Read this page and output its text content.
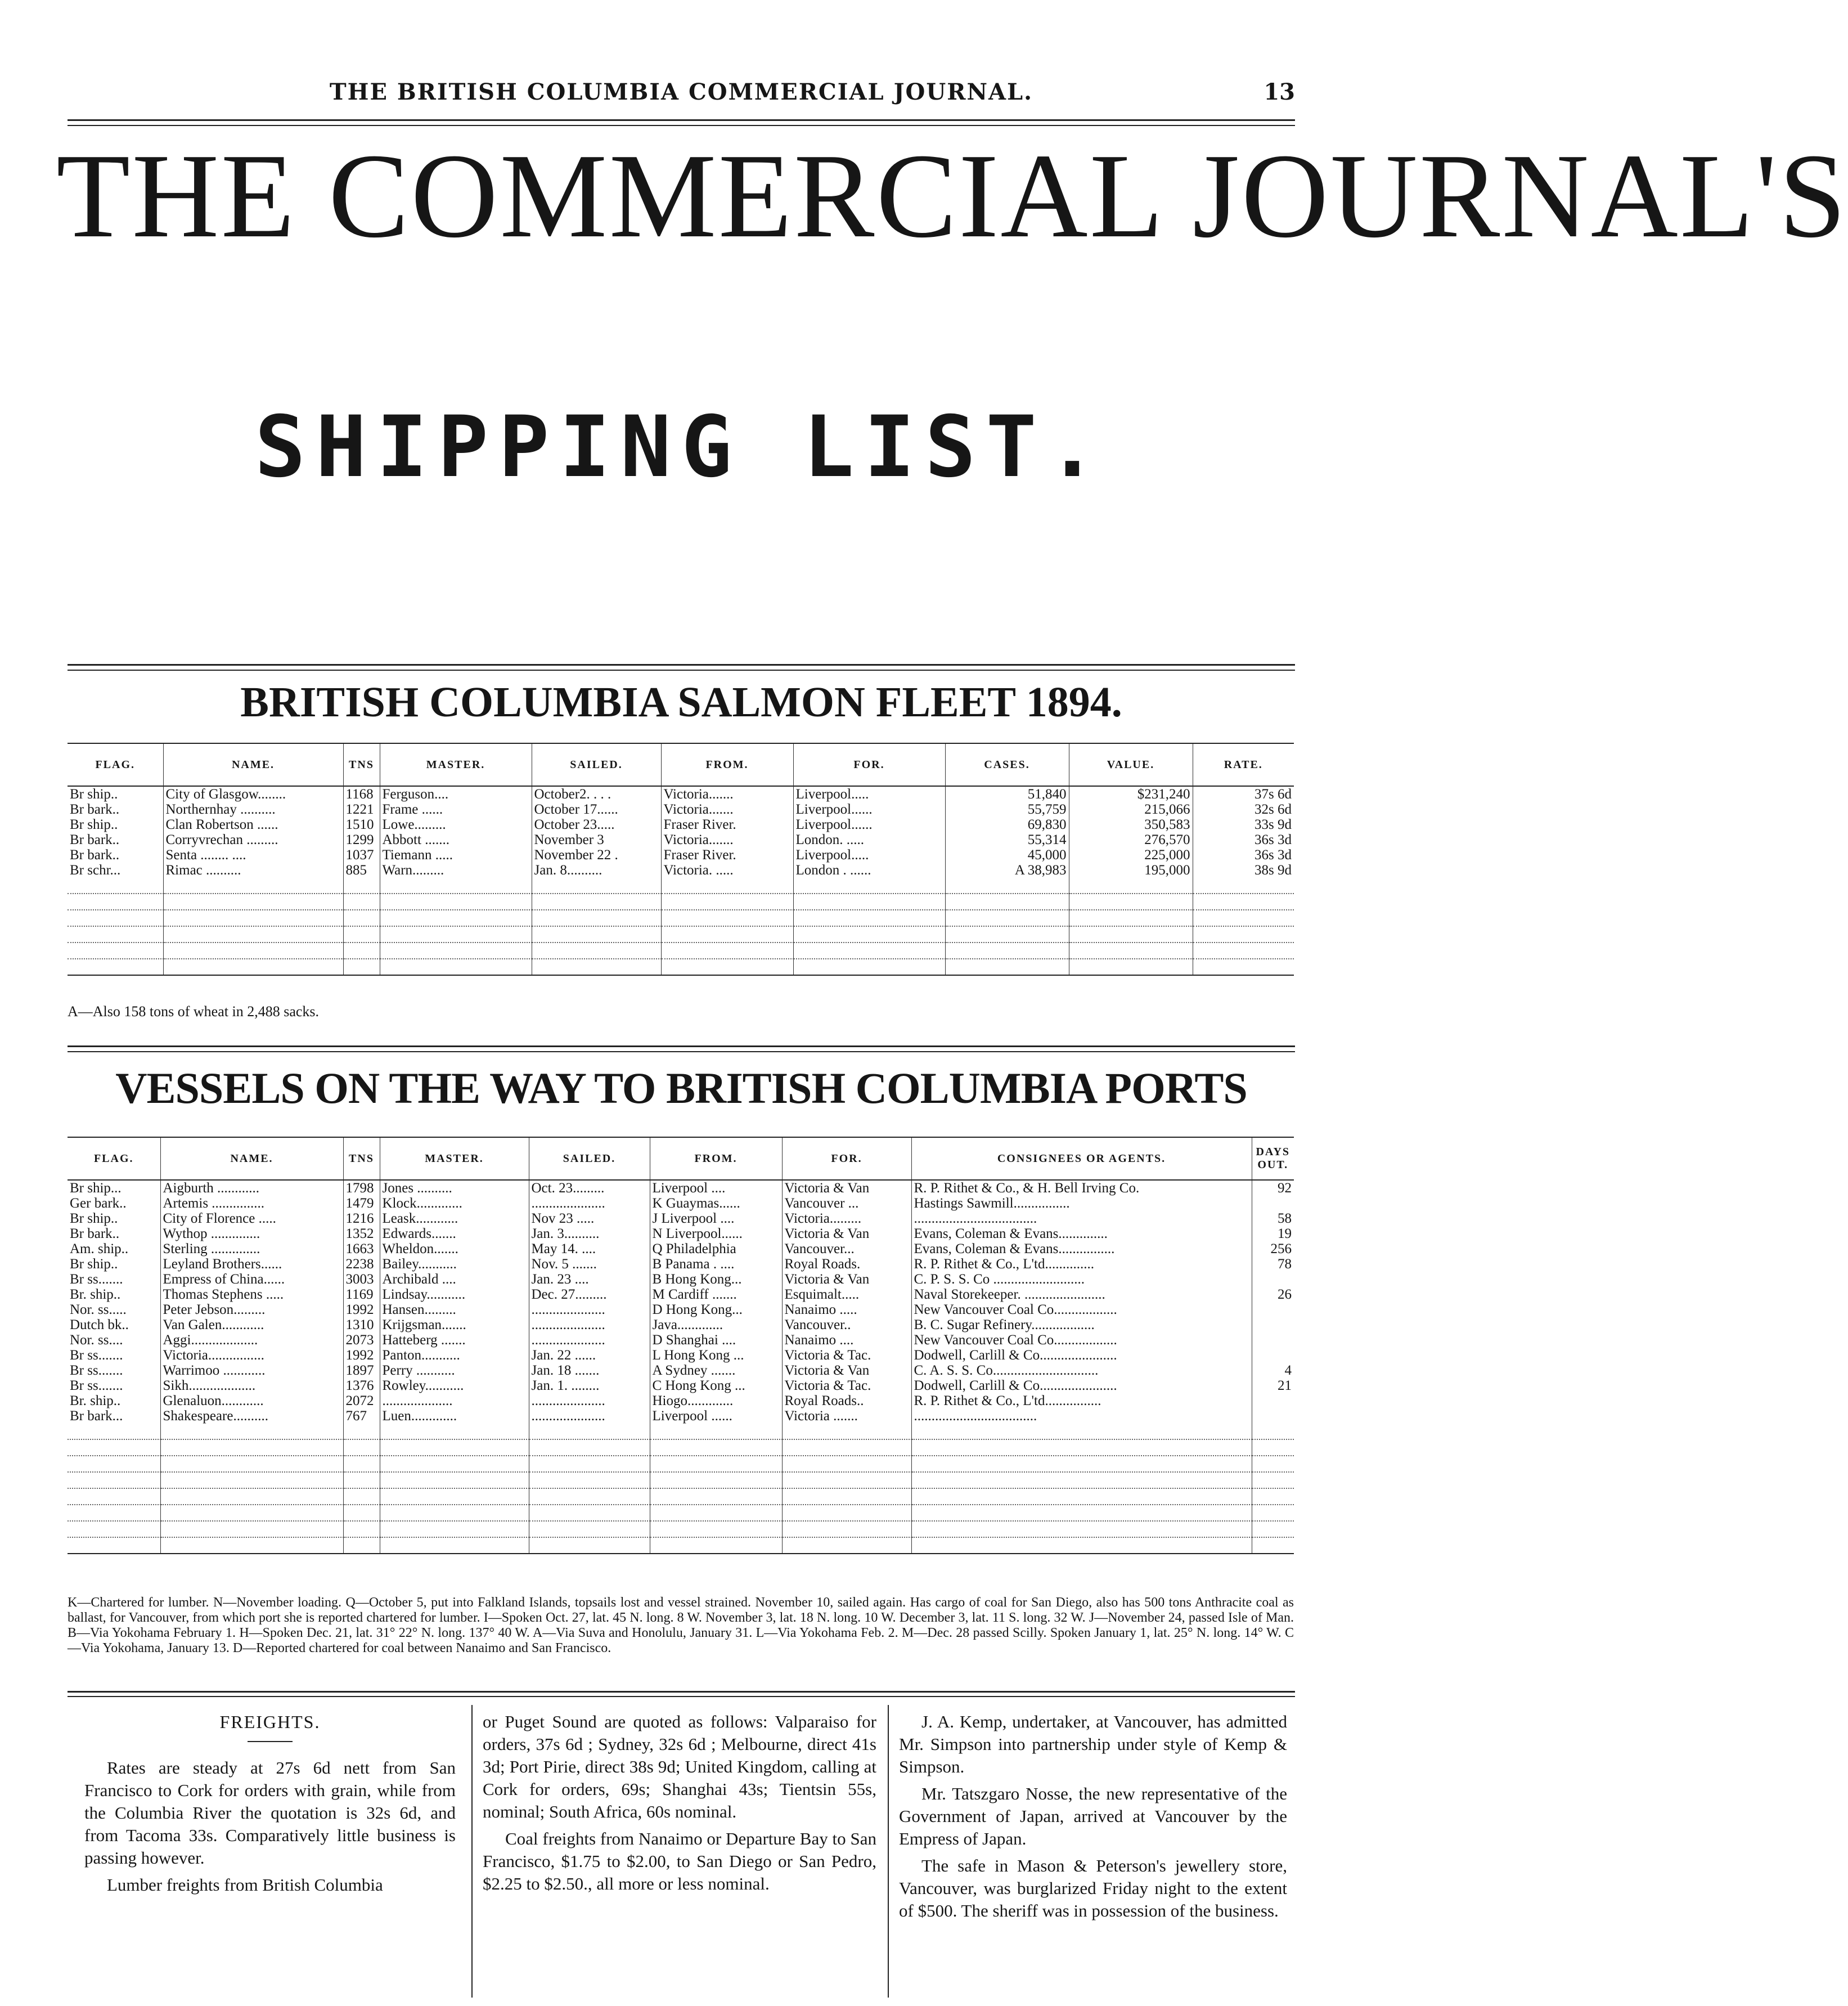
THE BRITISH COLUMBIA COMMERCIAL JOURNAL.	13
THE COMMERCIAL JOURNAL'S
SHIPPING LIST.
BRITISH COLUMBIA SALMON FLEET 1894.
FLAG.	NAME.	TNS	MASTER.	SAILED.	FROM.	FOR.	CASES.	VALUE.	RATE.
Br ship..	City of Glasgow........	1168	Ferguson....	October2. . . .	Victoria.......	Liverpool.....	51,840	$231,240	37s 6d
Br bark..	Northernhay ..........	1221	Frame ......	October 17......	Victoria.......	Liverpool......	55,759	215,066	32s 6d
Br ship..	Clan Robertson ......	1510	Lowe.........	October 23.....	Fraser River.	Liverpool......	69,830	350,583	33s 9d
Br bark..	Corryvrechan .........	1299	Abbott .......	November 3	Victoria.......	London. .....	55,314	276,570	36s 3d
Br bark..	Senta ........ ....	1037	Tiemann .....	November 22 .	Fraser River.	Liverpool.....	45,000	225,000	36s 3d
Br schr...	Rimac ..........	885	Warn.........	Jan. 8..........	Victoria. .....	London . ......	A 38,983	195,000	38s 9d

A—Also 158 tons of wheat in 2,488 sacks.
VESSELS ON THE WAY TO BRITISH COLUMBIA PORTS
FLAG.	NAME.	TNS	MASTER.	SAILED.	FROM.	FOR.	CONSIGNEES OR AGENTS.	DAYS OUT.
Br ship...	Aigburth ............	1798	Jones ..........	Oct. 23.........	Liverpool ....	Victoria & Van	R. P. Rithet & Co., & H. Bell Irving Co.	92
Ger bark..	Artemis ...............	1479	Klock.............	.....................	K Guaymas......	Vancouver ...	Hastings Sawmill................	
Br ship..	City of Florence .....	1216	Leask............	Nov 23 .....	J Liverpool ....	Victoria.........	...................................	58
Br bark..	Wythop ..............	1352	Edwards.......	Jan. 3..........	N Liverpool......	Victoria & Van	Evans, Coleman & Evans..............	19
Am. ship..	Sterling ..............	1663	Wheldon.......	May 14. ....	Q Philadelphia	Vancouver...	Evans, Coleman & Evans................	256
Br ship..	Leyland Brothers......	2238	Bailey...........	Nov. 5 .......	B Panama . ....	Royal Roads.	R. P. Rithet & Co., L'td..............	78
Br ss.......	Empress of China......	3003	Archibald ....	Jan. 23 ....	B Hong Kong...	Victoria & Van	C. P. S. S. Co ..........................	
Br. ship..	Thomas Stephens .....	1169	Lindsay...........	Dec. 27.........	M Cardiff .......	Esquimalt.....	Naval Storekeeper. .......................	26
Nor. ss.....	Peter Jebson.........	1992	Hansen.........	.....................	D Hong Kong...	Nanaimo .....	New Vancouver Coal Co..................	
Dutch bk..	Van Galen............	1310	Krijgsman.......	.....................	Java.............	Vancouver..	B. C. Sugar Refinery..................	
Nor. ss....	Aggi...................	2073	Hatteberg .......	.....................	D Shanghai ....	Nanaimo ....	New Vancouver Coal Co..................	
Br ss.......	Victoria................	1992	Panton...........	Jan. 22 ......	L Hong Kong ...	Victoria & Tac.	Dodwell, Carlill & Co......................	
Br ss.......	Warrimoo ............	1897	Perry ...........	Jan. 18 .......	A Sydney .......	Victoria & Van	C. A. S. S. Co..............................	4
Br ss.......	Sikh...................	1376	Rowley...........	Jan. 1. ........	C Hong Kong ...	Victoria & Tac.	Dodwell, Carlill & Co......................	21
Br. ship..	Glenaluon............	2072	....................	.....................	Hiogo.............	Royal Roads..	R. P. Rithet & Co., L'td................	
Br bark...	Shakespeare..........	767	Luen.............	.....................	Liverpool ......	Victoria .......	...................................	

K—Chartered for lumber. N—November loading. Q—October 5, put into Falkland Islands, topsails lost and vessel strained. November 10, sailed again. Has cargo of coal for San Diego, also has 500 tons Anthracite coal as ballast, for Vancouver, from which port she is reported chartered for lumber. I—Spoken Oct. 27, lat. 45 N. long. 8 W. November 3, lat. 18 N. long. 10 W. December 3, lat. 11 S. long. 32 W. J—November 24, passed Isle of Man. B—Via Yokohama February 1. H—Spoken Dec. 21, lat. 31° 22° N. long. 137° 40 W. A—Via Suva and Honolulu, January 31. L—Via Yokohama Feb. 2. M—Dec. 28 passed Scilly. Spoken January 1, lat. 25° N. long. 14° W. C—Via Yokohama, January 13. D—Reported chartered for coal between Nanaimo and San Francisco.
FREIGHTS.

Rates are steady at 27s 6d nett from San Francisco to Cork for orders with grain, while from the Columbia River the quotation is 32s 6d, and from Tacoma 33s. Comparatively little business is passing however.

Lumber freights from British Columbia

or Puget Sound are quoted as follows: Valparaiso for orders, 37s 6d ; Sydney, 32s 6d ; Melbourne, direct 41s 3d; Port Pirie, direct 38s 9d; United Kingdom, calling at Cork for orders, 69s; Shanghai 43s; Tientsin 55s, nominal; South Africa, 60s nominal.

Coal freights from Nanaimo or Departure Bay to San Francisco, $1.75 to $2.00, to San Diego or San Pedro, $2.25 to $2.50., all more or less nominal.

J. A. Kemp, undertaker, at Vancouver, has admitted Mr. Simpson into partnership under style of Kemp & Simpson.

Mr. Tatszgaro Nosse, the new representative of the Government of Japan, arrived at Vancouver by the Empress of Japan.

The safe in Mason & Peterson's jewellery store, Vancouver, was burglarized Friday night to the extent of $500. The sheriff was in possession of the business.
